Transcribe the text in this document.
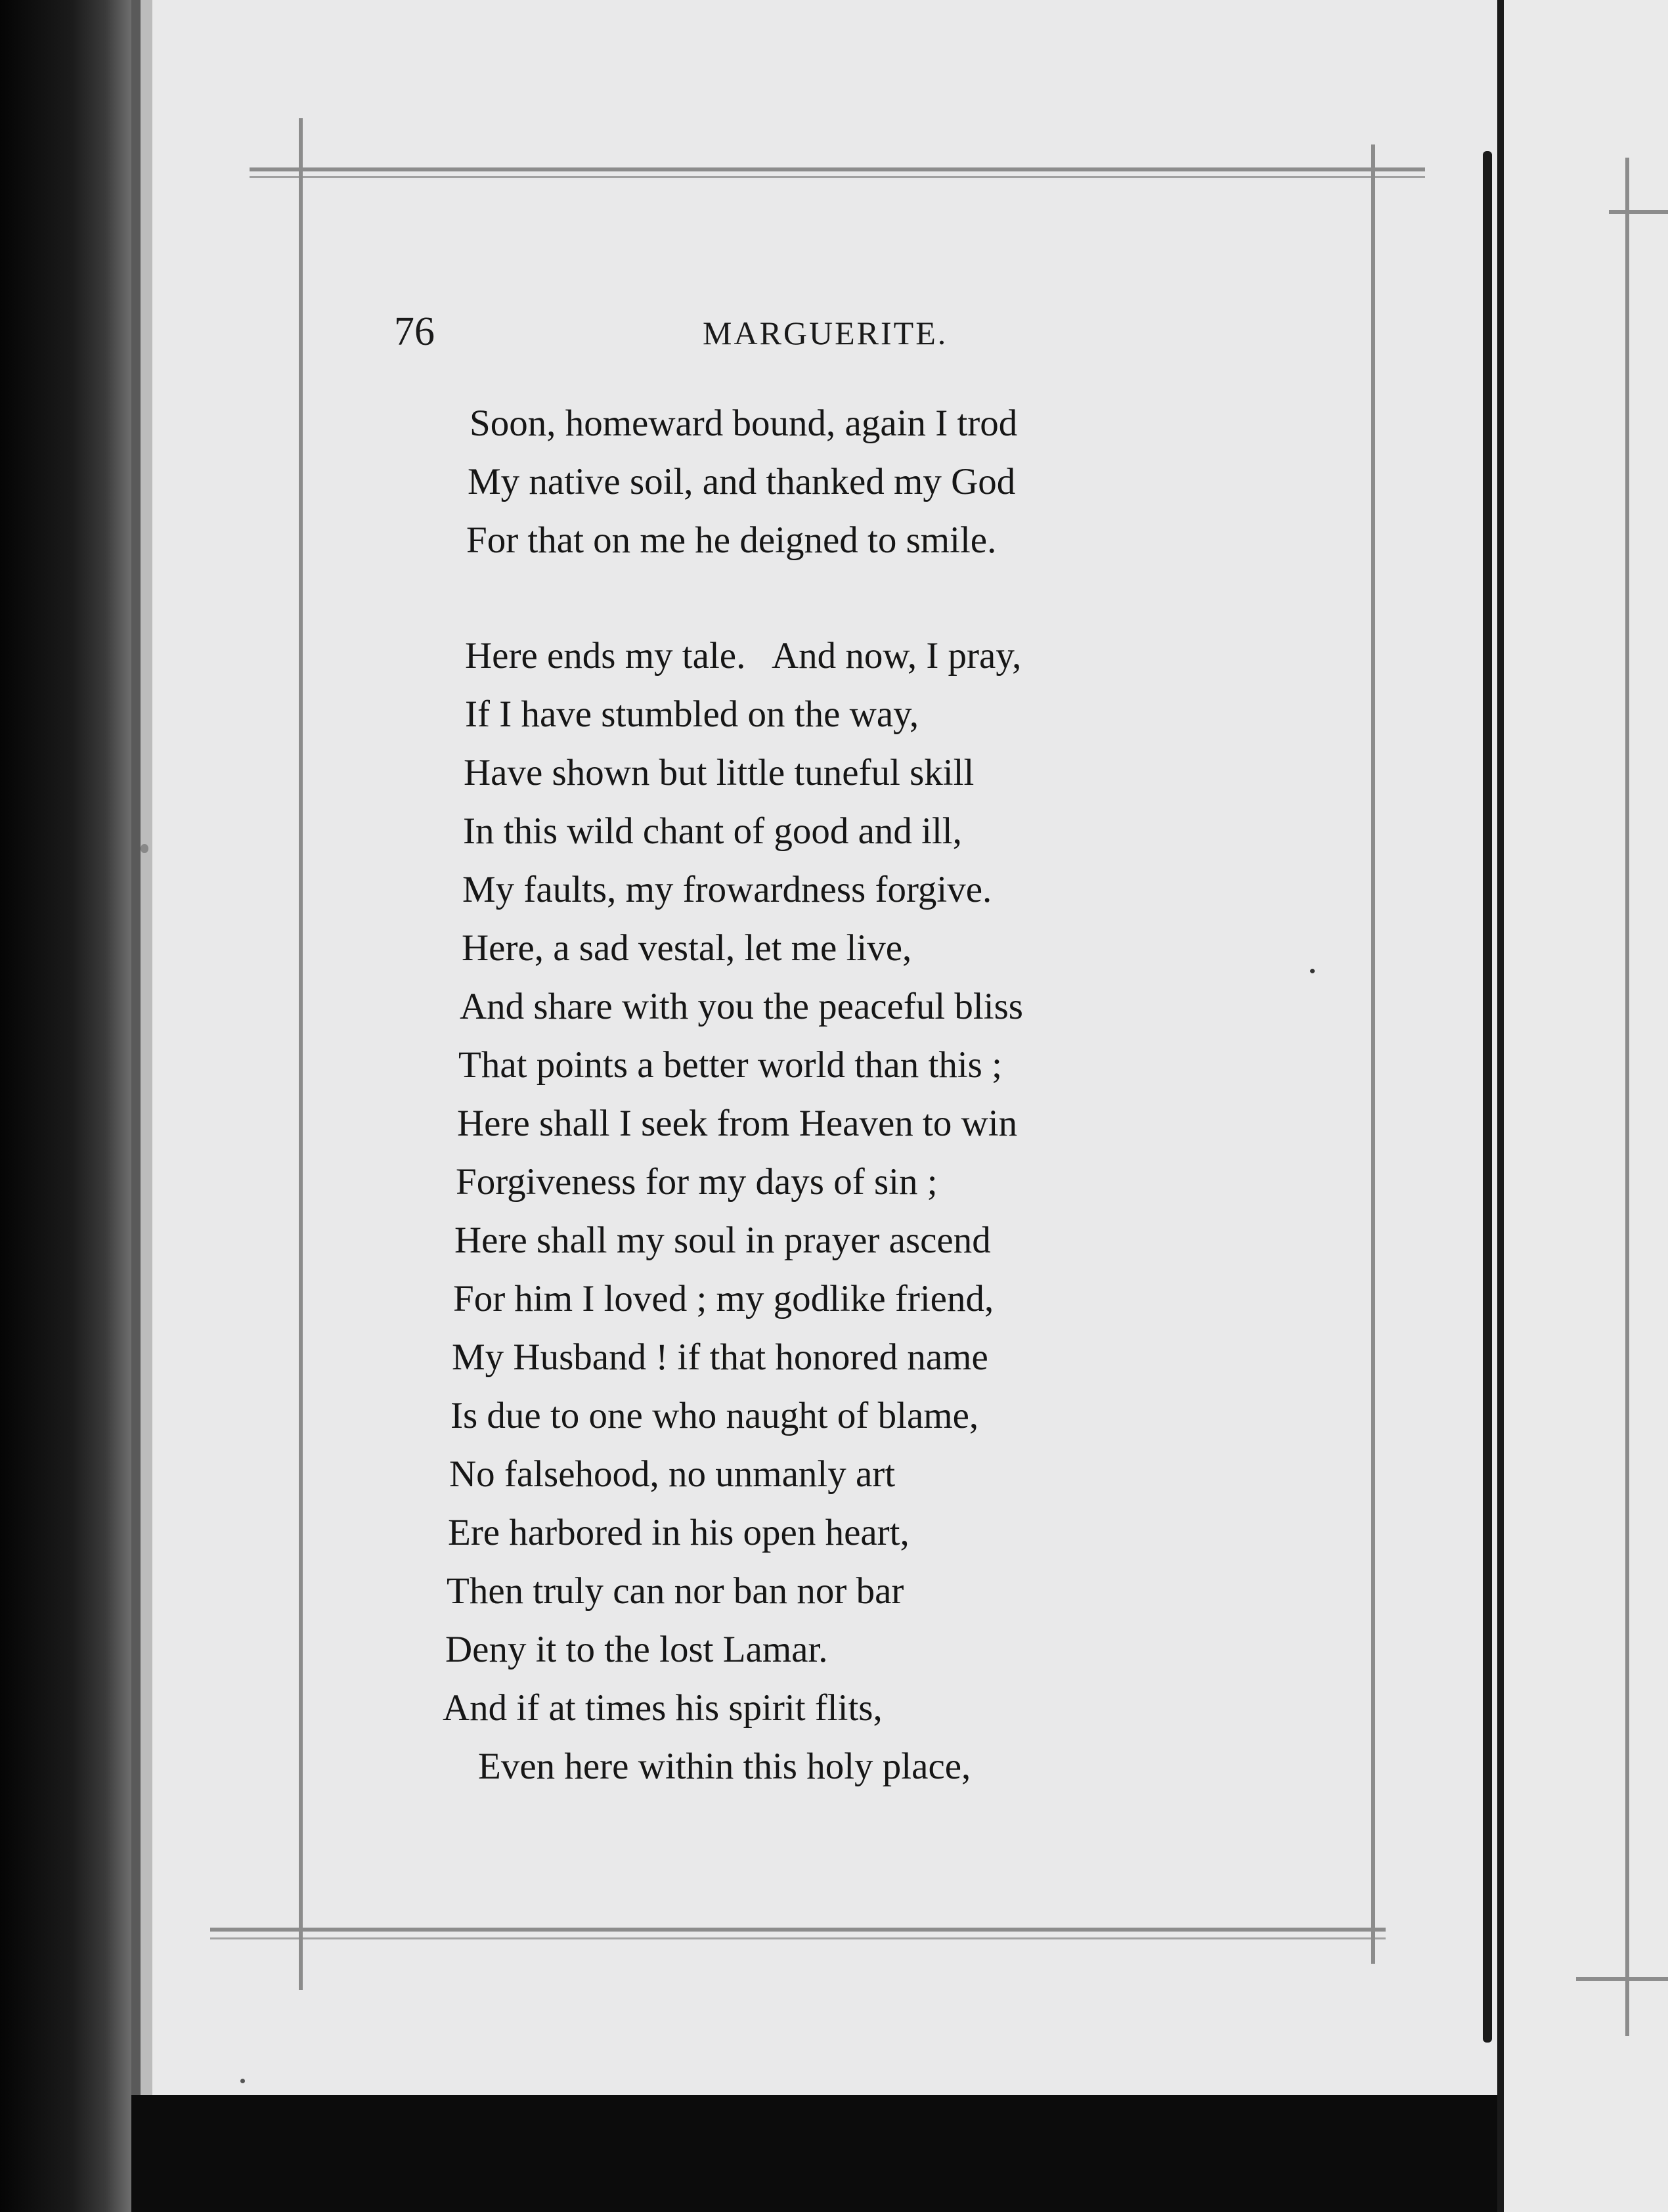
76	MARGUERITE.
Soon, homeward bound, again I trod
My native soil, and thanked my God
For that on me he deigned to smile.
Here ends my tale.   And now, I pray,
If I have stumbled on the way,
Have shown but little tuneful skill
In this wild chant of good and ill,
My faults, my frowardness forgive.
Here, a sad vestal, let me live,
And share with you the peaceful bliss
That points a better world than this ;
Herе shall I seek from Heaven to win
Forgiveness for my days of sin ;
Here shall my soul in prayer ascend
For him I loved ; my godlike friend,
My Husband ! if that honored name
Is due to one who naught of blame,
No falsehood, no unmanly art
Ere harbored in his open heart,
Then truly can nor ban nor bar
Deny it to the lost Lamar.
And if at times his spirit flits,
Even here within this holy place,
